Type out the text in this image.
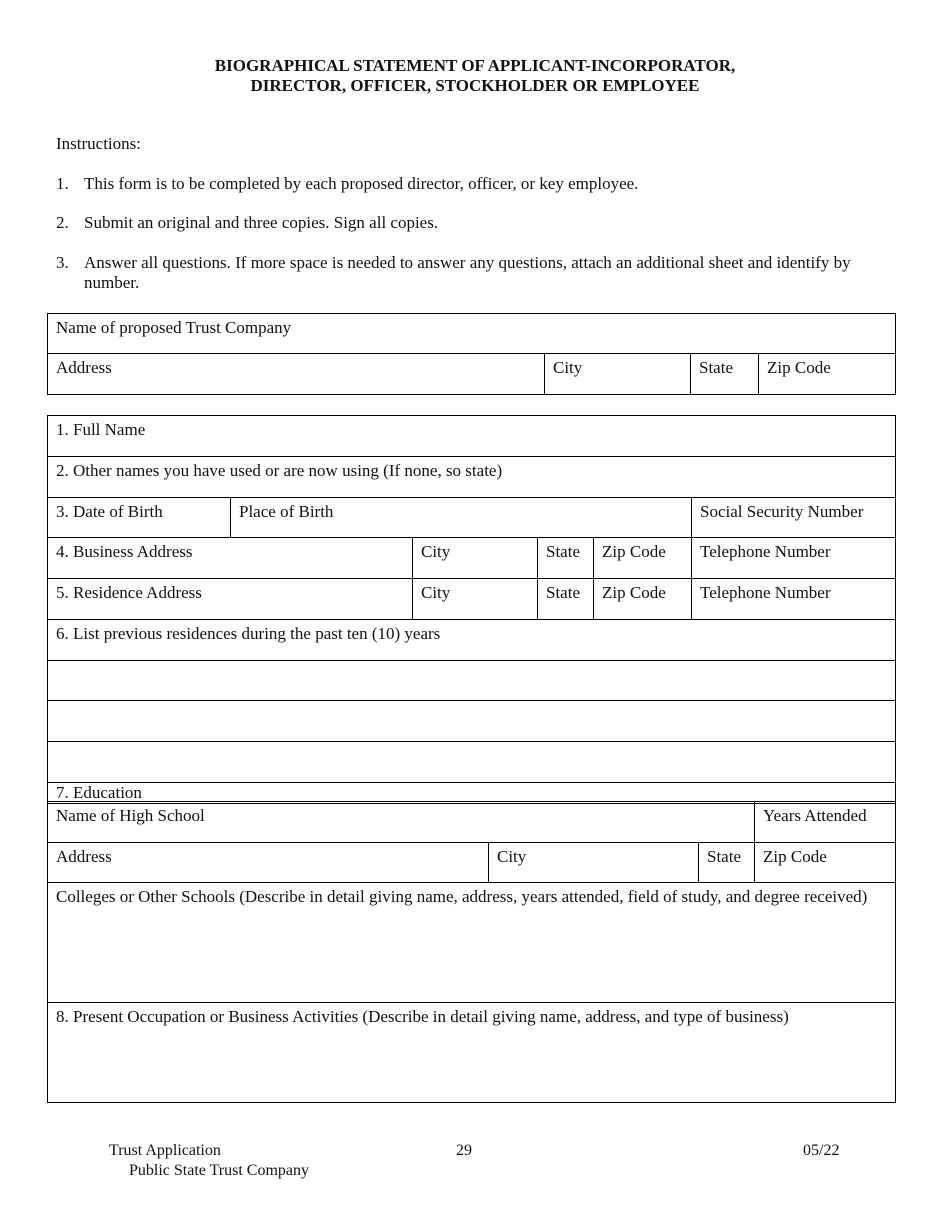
BIOGRAPHICAL STATEMENT OF APPLICANT-INCORPORATOR,
DIRECTOR, OFFICER, STOCKHOLDER OR EMPLOYEE
Instructions:
1. This form is to be completed by each proposed director, officer, or key employee.
2. Submit an original and three copies. Sign all copies.
3. Answer all questions. If more space is needed to answer any questions, attach an additional sheet and identify by number.
Name of proposed Trust Company
Address	City	State	Zip Code
1. Full Name					
2. Other names you have used or are now using (If none, so state)					
3. Date of Birth	Place of Birth				Social Security Number
4. Business Address		City	State	Zip Code	Telephone Number
5. Residence Address		City	State	Zip Code	Telephone Number
6. List previous residences during the past ten (10) years					

7. Education					
Name of High School			Years Attended
Address	City	State	Zip Code
Colleges or Other Schools (Describe in detail giving name, address, years attended, field of study, and degree received)			
8. Present Occupation or Business Activities (Describe in detail giving name, address, and type of business)			
Trust Application
Public State Trust Company
29	05/22
